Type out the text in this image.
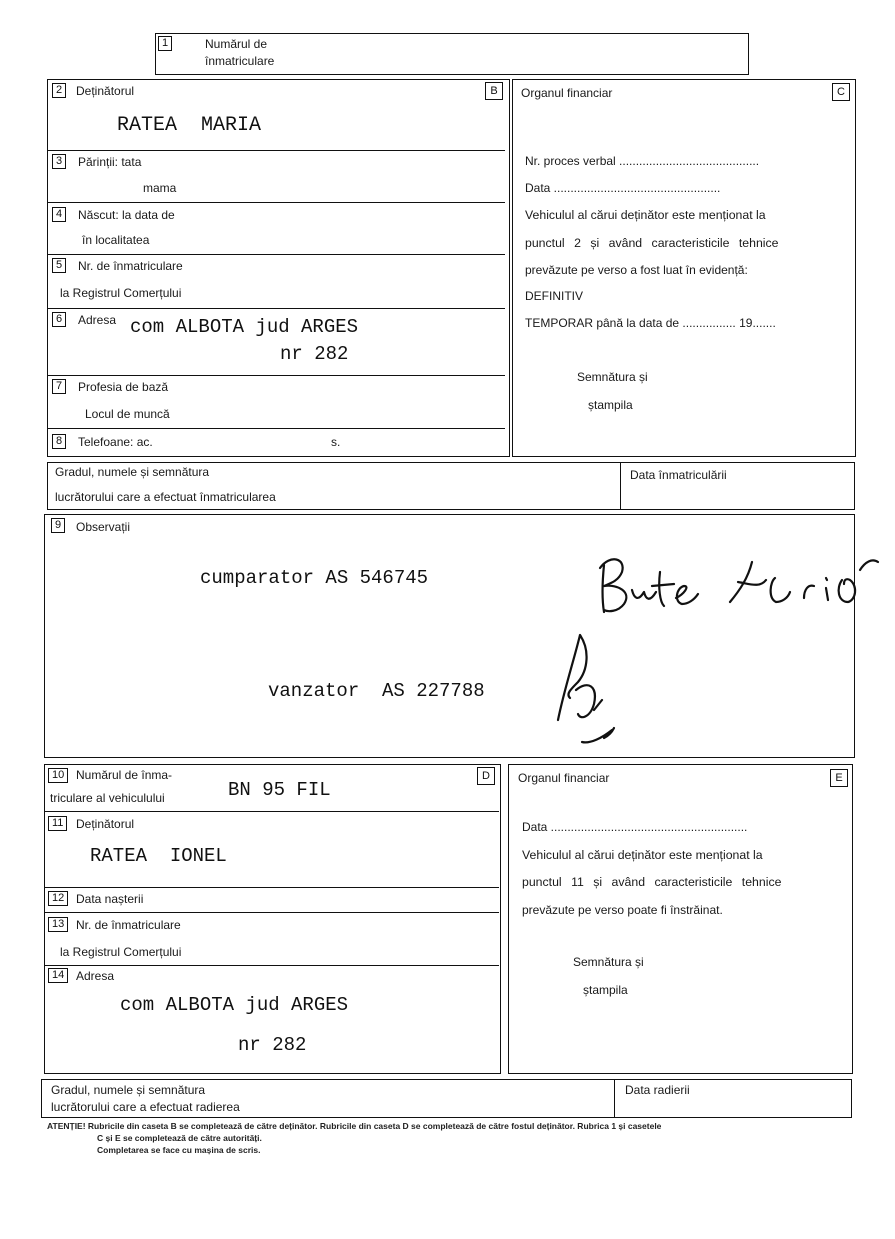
1	Numărul de
înmatriculare
2	Deținătorul	B
RATEA  MARIA
3	Părinții: tata
mama
4	Născut: la data de
în localitatea
5	Nr. de înmatriculare
la Registrul Comerțului
6	Adresa com ALBOTA jud ARGES
nr 282
7	Profesia de bază
Locul de muncă
8	Telefoane: ac.	s.
Organul financiar	C
Nr. proces verbal ..........................................
Data ..................................................
Vehiculul al cărui deținător este menționat la
punctul 2 și având caracteristicile tehnice
prevăzute pe verso a fost luat în evidență:
DEFINITIV
TEMPORAR până la data de ................ 19.......
Semnătura și
ștampila
Gradul, numele și semnătura
lucrătorului care a efectuat înmatricularea
Data înmatriculării
9	Observații
cumparator AS 546745
vanzator  AS 227788
10 Numărul de înma-
triculare al vehiculului
D
BN 95 FIL
11	Deținătorul
RATEA  IONEL
12 Data nașterii
13 Nr. de înmatriculare
la Registrul Comerțului
14 Adresa
com ALBOTA jud ARGES
nr 282
Organul financiar	E
Data ...........................................................
Vehiculul al cărui deținător este menționat la
punctul 11 și având caracteristicile tehnice
prevăzute pe verso poate fi înstrăinat.
Semnătura și
ștampila
Gradul, numele și semnătura
lucrătorului care a efectuat radierea
Data radierii
ATENȚIE! Rubricile din caseta B se completează de către deținător. Rubricile din caseta D se completează de către fostul deținător. Rubrica 1 și casetele
C și E se completează de către autorități.
Completarea se face cu mașina de scris.
